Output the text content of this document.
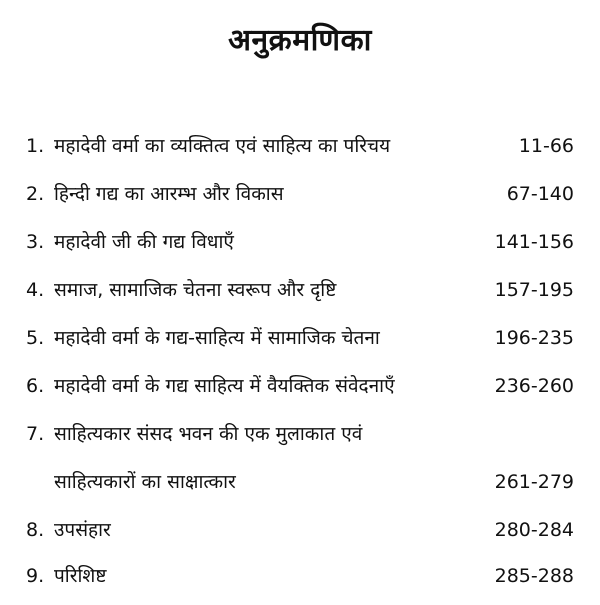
अनुक्रमणिका
1. महादेवी वर्मा का व्यक्तित्व एवं साहित्य का परिचय	11-66
2. हिन्दी गद्य का आरम्भ और विकास	67-140
3. महादेवी जी की गद्य विधाएँ	141-156
4. समाज, सामाजिक चेतना स्वरूप और दृष्टि	157-195
5. महादेवी वर्मा के गद्य-साहित्य में सामाजिक चेतना	196-235
6. महादेवी वर्मा के गद्य साहित्य में वैयक्तिक संवेदनाएँ	236-260
7. साहित्यकार संसद भवन की एक मुलाकात एवं
साहित्यकारों का साक्षात्कार	261-279
8. उपसंहार	280-284
9. परिशिष्ट	285-288
